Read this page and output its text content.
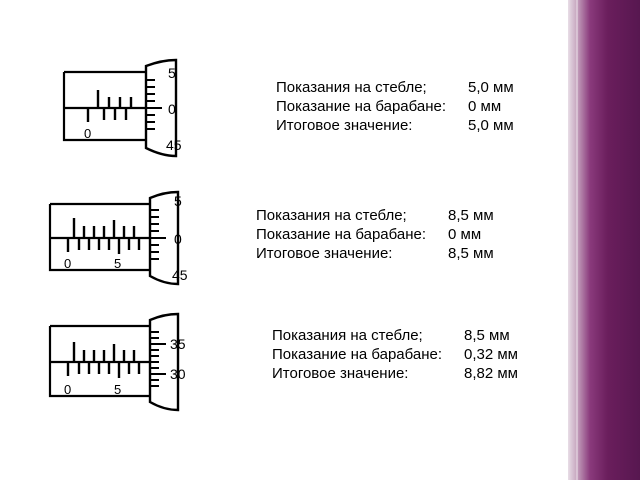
0
5
0
45
Показания на стебле;	5,0 мм
Показание на барабане:	0 мм
Итоговое значение:	5,0 мм
0	5
5
0
45
Показания на стебле;	8,5 мм
Показание на барабане:	0 мм
Итоговое значение:	8,5 мм
0	5
35
30
Показания на стебле;	8,5 мм
Показание на барабане:	0,32 мм
Итоговое значение:	8,82 мм
